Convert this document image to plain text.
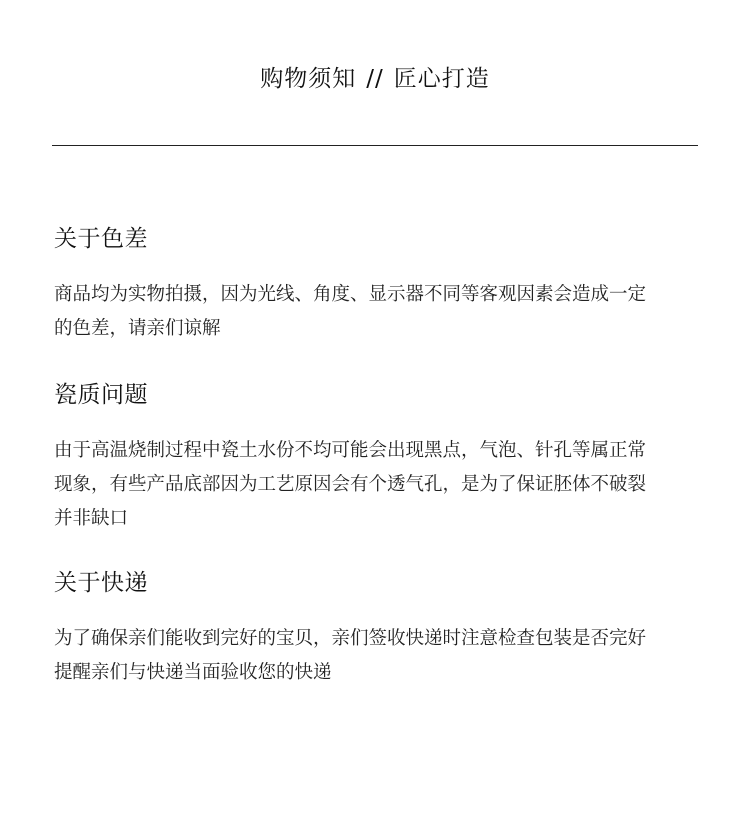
购物须知 // 匠心打造
关于色差
商品均为实物拍摄，因为光线、角度、显示器不同等客观因素会造成一定
的色差，请亲们谅解
瓷质问题
由于高温烧制过程中瓷土水份不均可能会出现黑点，气泡、针孔等属正常
现象，有些产品底部因为工艺原因会有个透气孔，是为了保证胚体不破裂
并非缺口
关于快递
为了确保亲们能收到完好的宝贝，亲们签收快递时注意检查包装是否完好
提醒亲们与快递当面验收您的快递
